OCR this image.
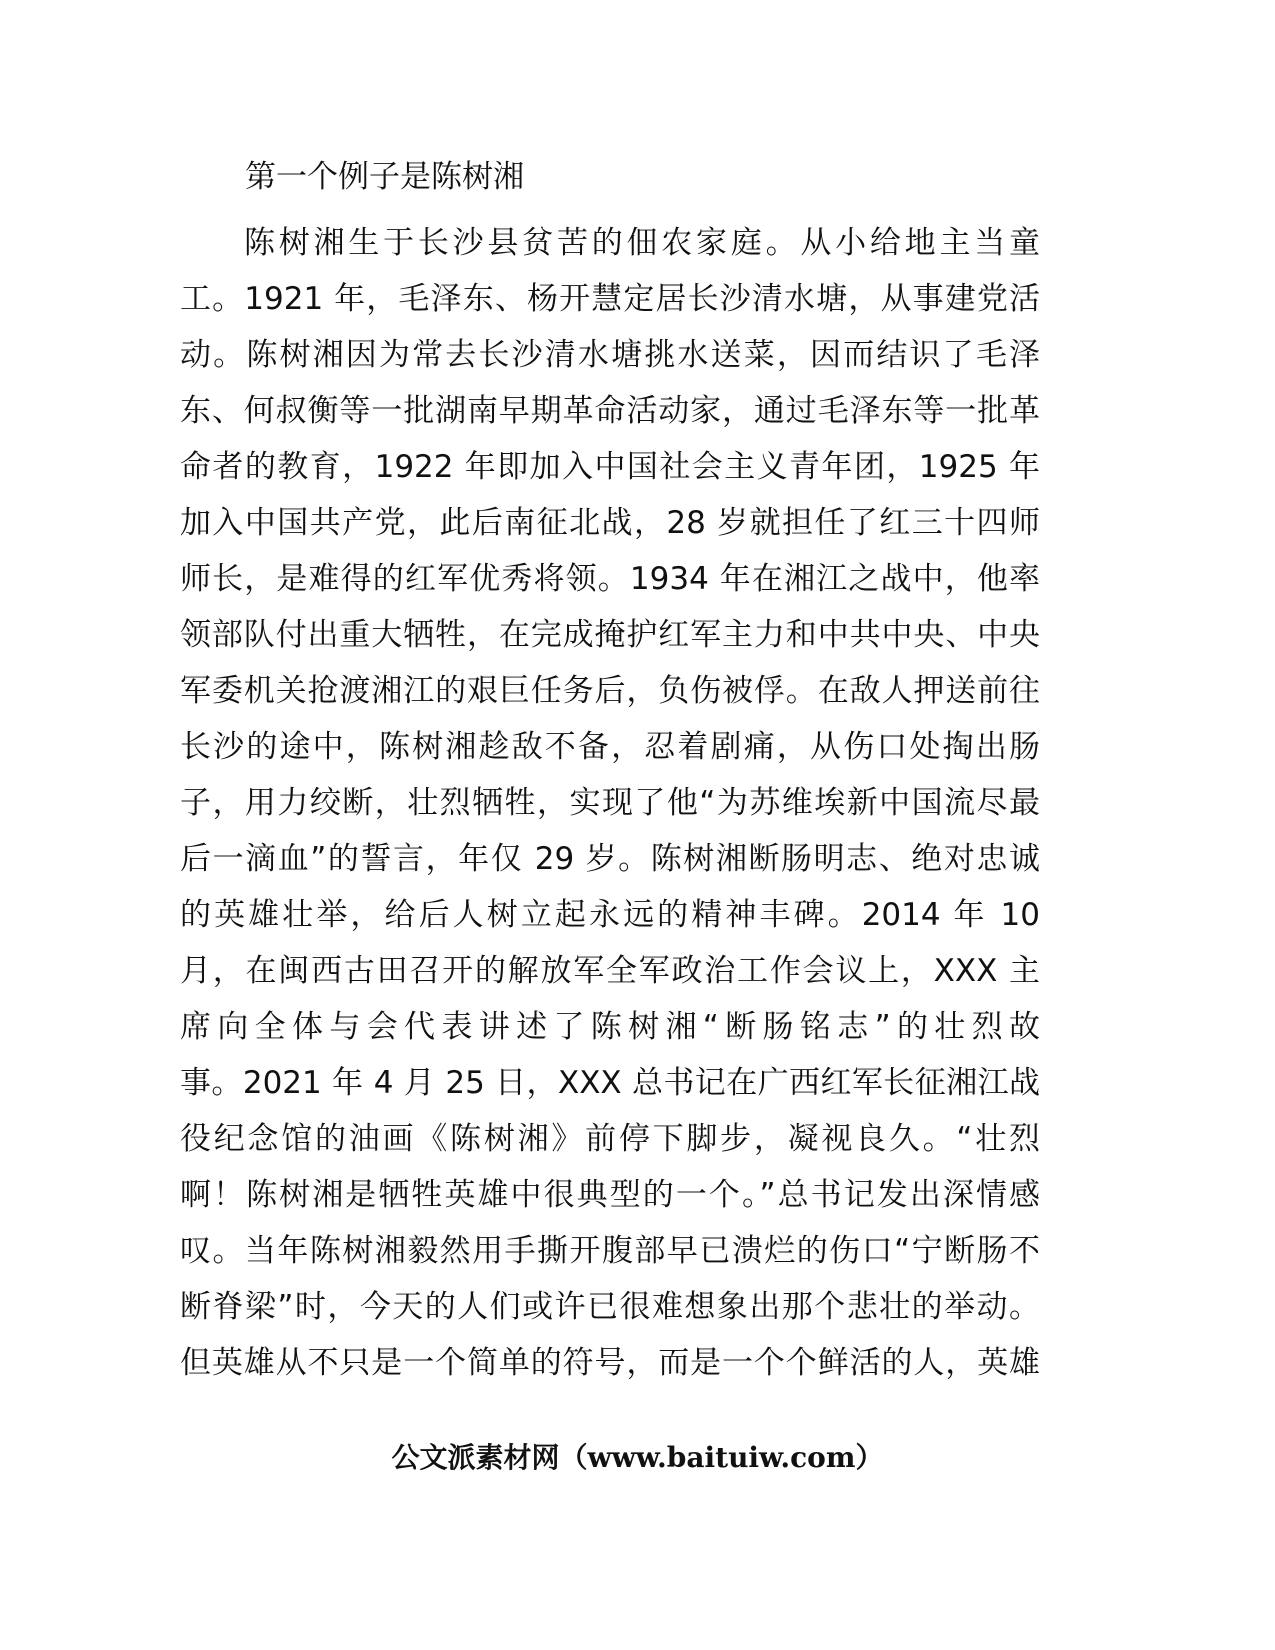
第一个例子是陈树湘
陈树湘生于长沙县贫苦的佃农家庭。从小给地主当童
工。1921 年，毛泽东、杨开慧定居长沙清水塘，从事建党活
动。陈树湘因为常去长沙清水塘挑水送菜，因而结识了毛泽
东、何叔衡等一批湖南早期革命活动家，通过毛泽东等一批革
命者的教育，1922 年即加入中国社会主义青年团，1925 年
加入中国共产党，此后南征北战，28 岁就担任了红三十四师
师长，是难得的红军优秀将领。1934 年在湘江之战中，他率
领部队付出重大牺牲，在完成掩护红军主力和中共中央、中央
军委机关抢渡湘江的艰巨任务后，负伤被俘。在敌人押送前往
长沙的途中，陈树湘趁敌不备，忍着剧痛，从伤口处掏出肠
子，用力绞断，壮烈牺牲，实现了他“为苏维埃新中国流尽最
后一滴血”的誓言，年仅 29 岁。陈树湘断肠明志、绝对忠诚
的英雄壮举，给后人树立起永远的精神丰碑。2014 年 10
月，在闽西古田召开的解放军全军政治工作会议上，XXX 主
席向全体与会代表讲述了陈树湘“断肠铭志”的壮烈故
事。2021 年 4 月 25 日，XXX 总书记在广西红军长征湘江战
役纪念馆的油画《陈树湘》前停下脚步，凝视良久。“壮烈
啊！陈树湘是牺牲英雄中很典型的一个。”总书记发出深情感
叹。当年陈树湘毅然用手撕开腹部早已溃烂的伤口“宁断肠不
断脊梁”时，今天的人们或许已很难想象出那个悲壮的举动。
但英雄从不只是一个简单的符号，而是一个个鲜活的人，英雄
公文派素材网（www.baituiw.com）
